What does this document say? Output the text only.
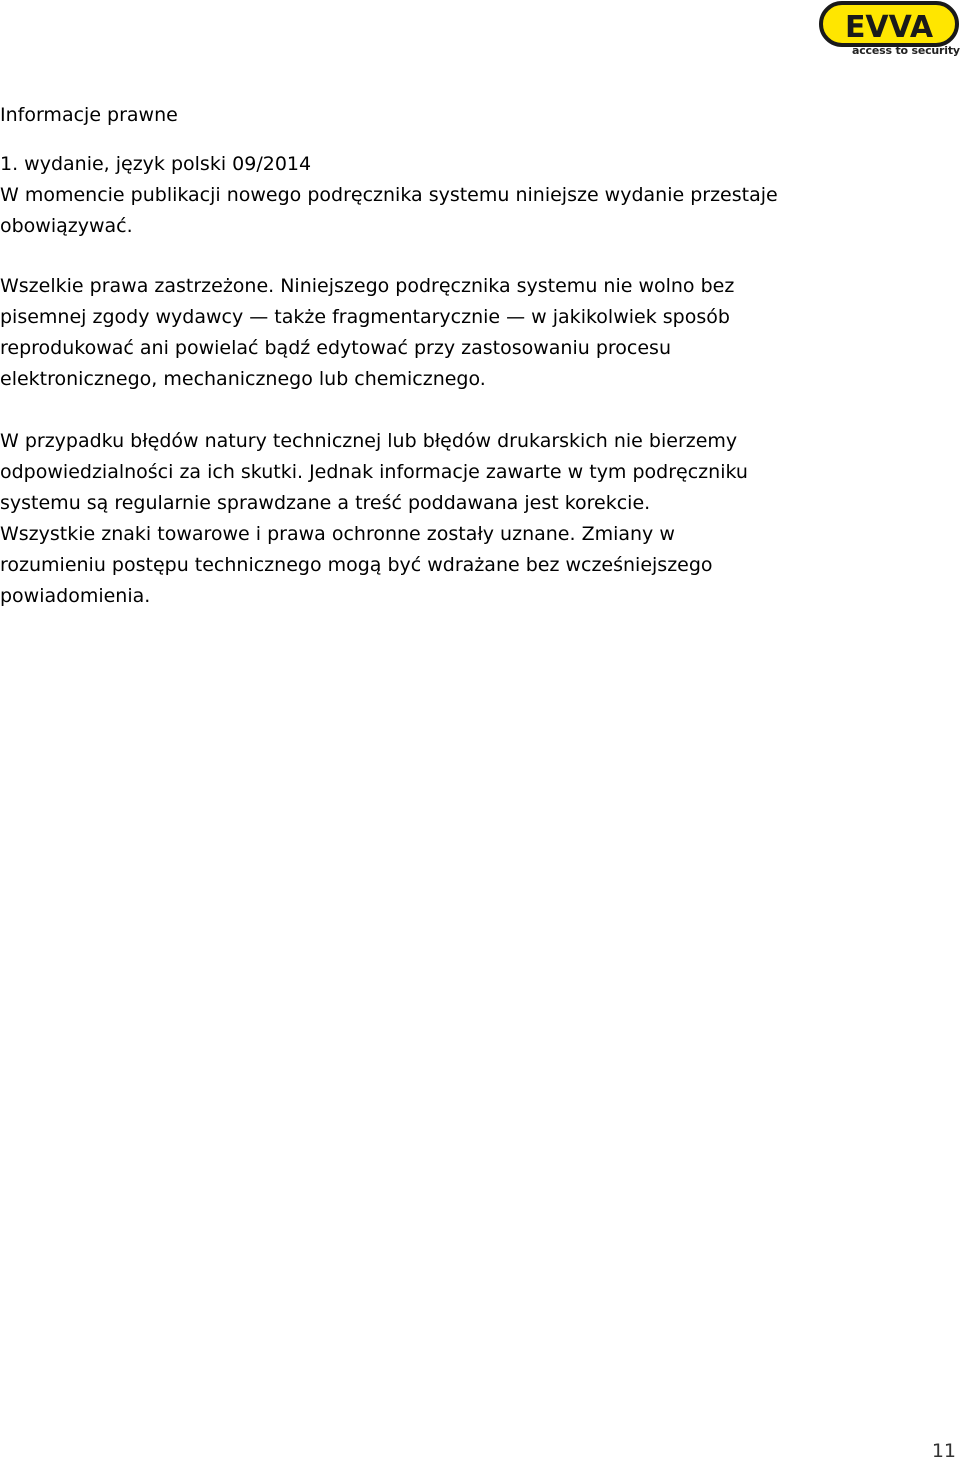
EVVA
access to security
Informacje prawne

1. wydanie, język polski 09/2014
W momencie publikacji nowego podręcznika systemu niniejsze wydanie przestaje
obowiązywać.

Wszelkie prawa zastrzeżone. Niniejszego podręcznika systemu nie wolno bez
pisemnej zgody wydawcy — także fragmentarycznie — w jakikolwiek sposób
reprodukować ani powielać bądź edytować przy zastosowaniu procesu
elektronicznego, mechanicznego lub chemicznego.

W przypadku błędów natury technicznej lub błędów drukarskich nie bierzemy
odpowiedzialności za ich skutki. Jednak informacje zawarte w tym podręczniku
systemu są regularnie sprawdzane a treść poddawana jest korekcie.
Wszystkie znaki towarowe i prawa ochronne zostały uznane. Zmiany w
rozumieniu postępu technicznego mogą być wdrażane bez wcześniejszego
powiadomienia.

11
